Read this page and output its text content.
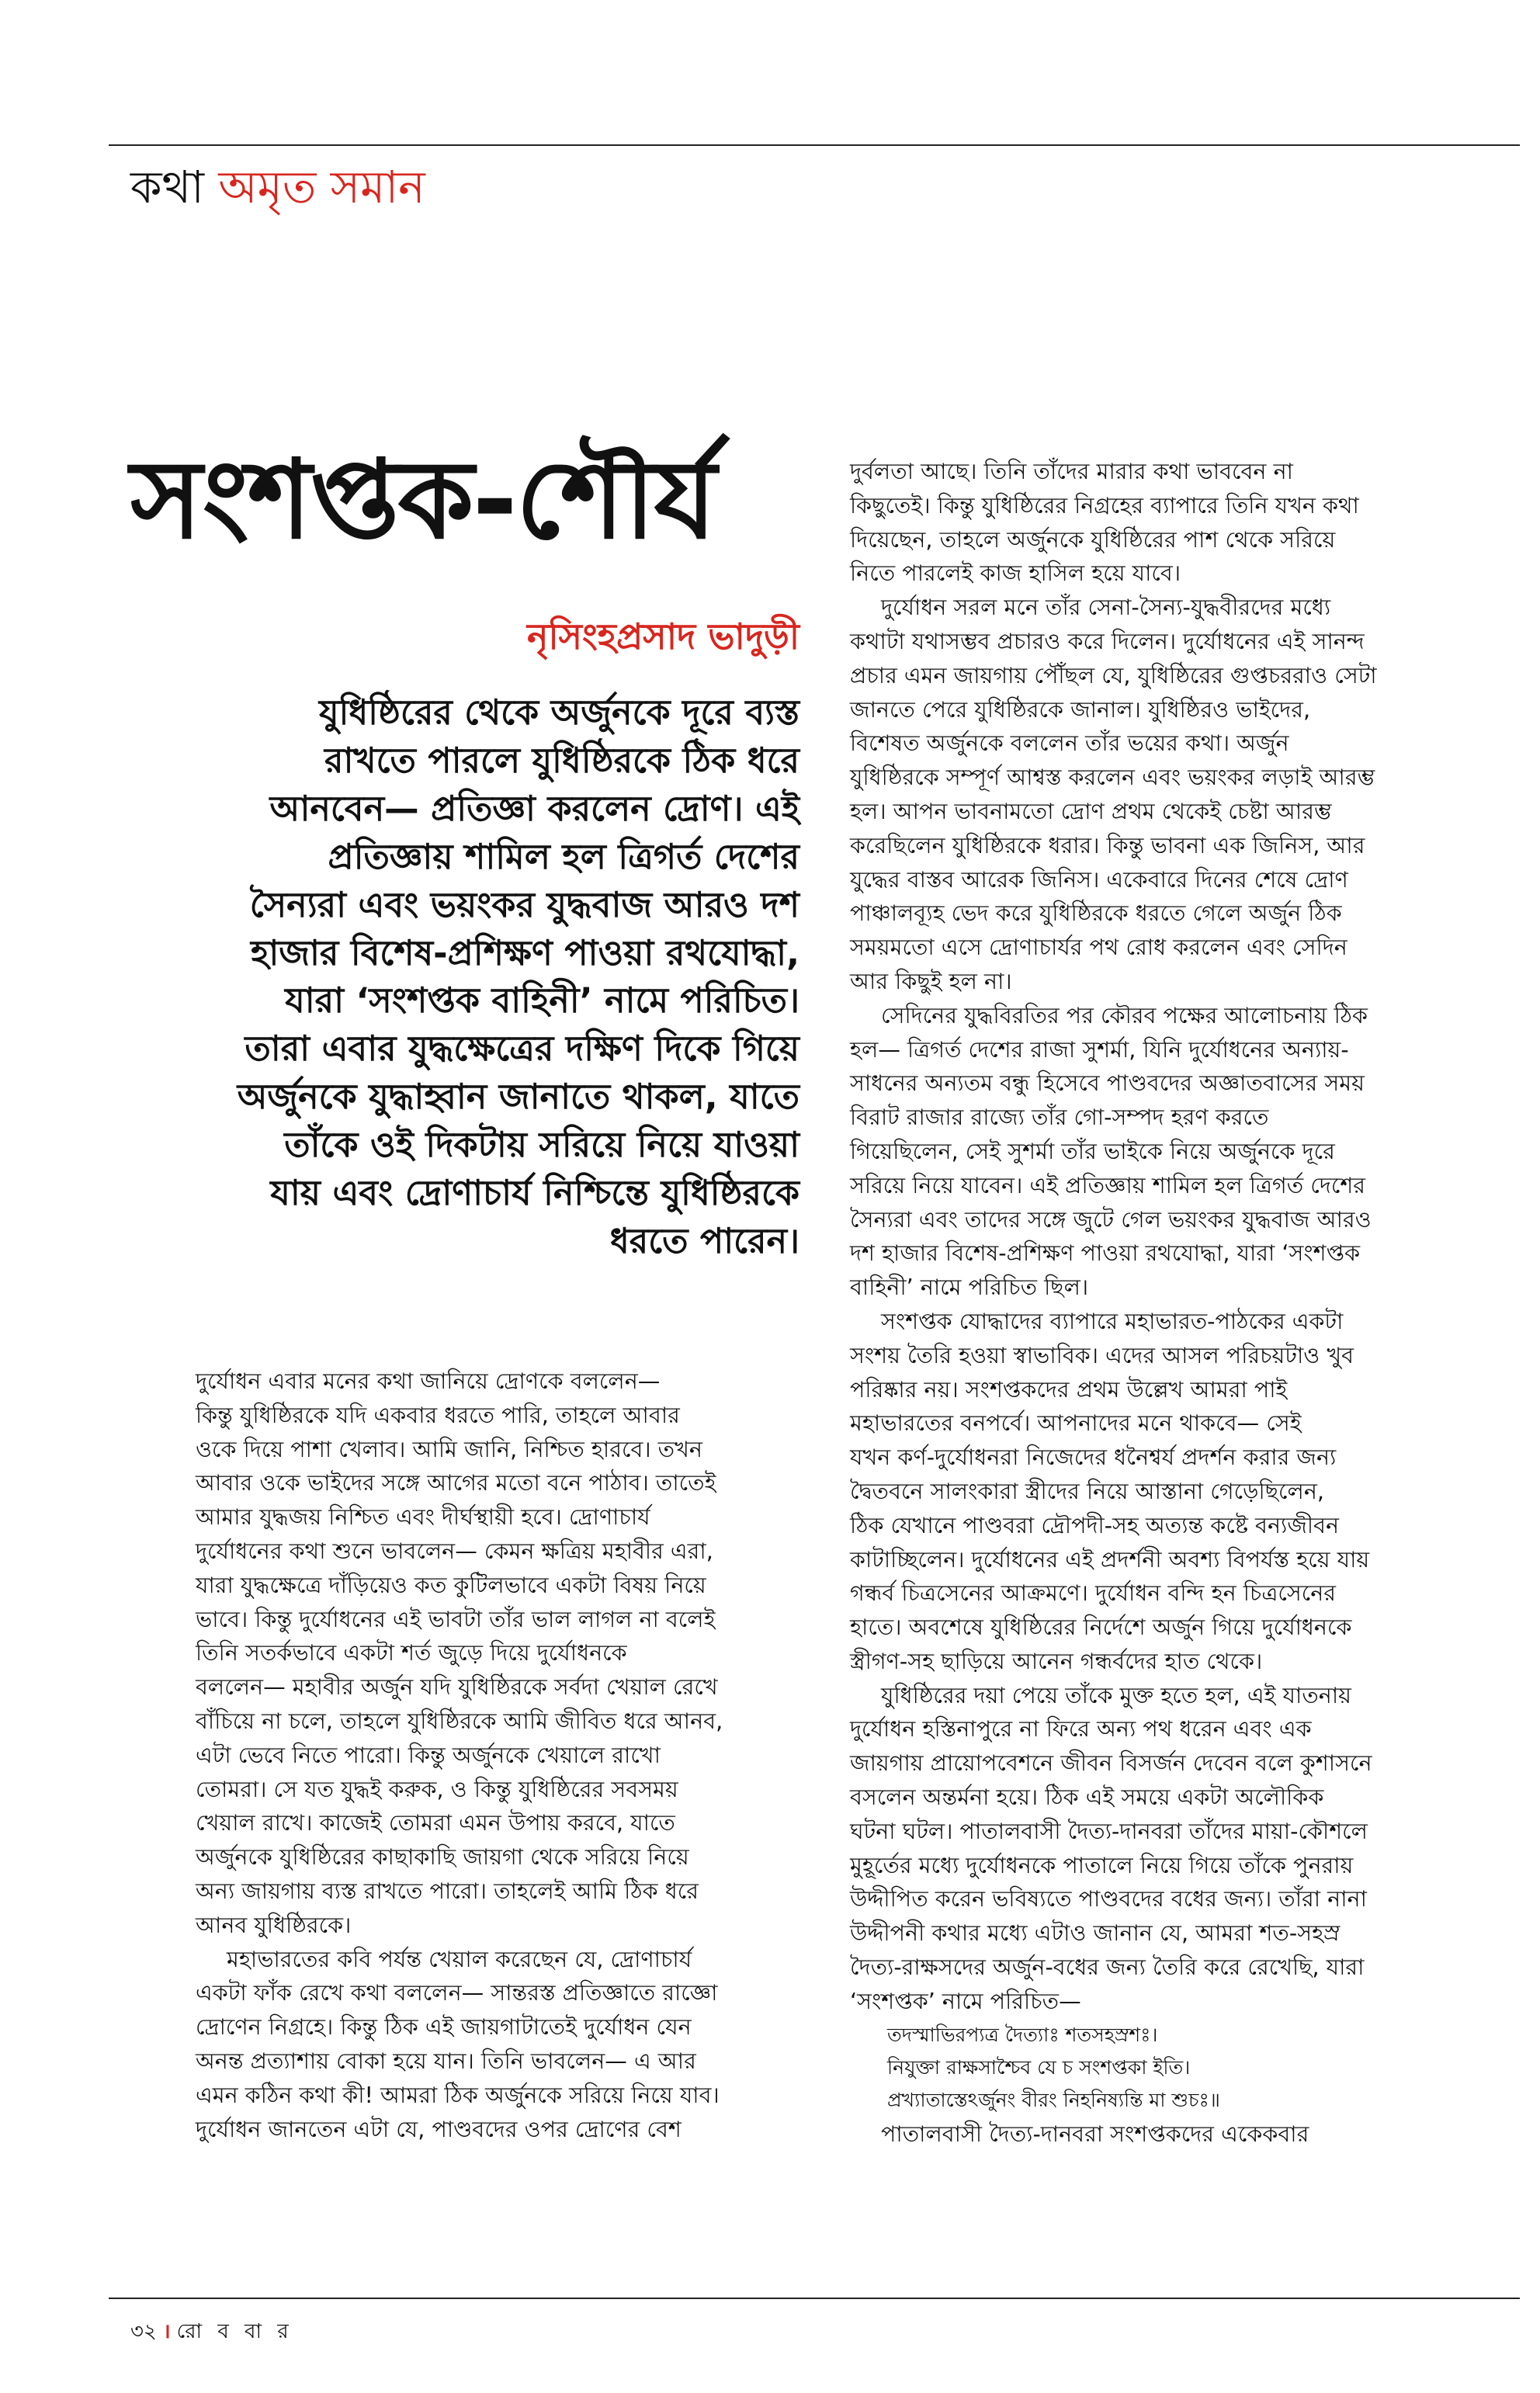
কথা অমৃত সমান
সংশপ্তক-শৌর্য
নৃসিংহপ্রসাদ ভাদুড়ী
যুধিষ্ঠিরের থেকে অর্জুনকে দূরে ব্যস্ত
রাখতে পারলে যুধিষ্ঠিরকে ঠিক ধরে
আনবেন— প্রতিজ্ঞা করলেন দ্রোণ। এই
প্রতিজ্ঞায় শামিল হল ত্রিগর্ত দেশের
সৈন্যরা এবং ভয়ংকর যুদ্ধবাজ আরও দশ
হাজার বিশেষ-প্রশিক্ষণ পাওয়া রথযোদ্ধা,
যারা ‘সংশপ্তক বাহিনী’ নামে পরিচিত।
তারা এবার যুদ্ধক্ষেত্রের দক্ষিণ দিকে গিয়ে
অর্জুনকে যুদ্ধাহ্বান জানাতে থাকল, যাতে
তাঁকে ওই দিকটায় সরিয়ে নিয়ে যাওয়া
যায় এবং দ্রোণাচার্য নিশ্চিন্তে যুধিষ্ঠিরকে
ধরতে পারেন।
দুর্যোধন এবার মনের কথা জানিয়ে দ্রোণকে বললেন—
কিন্তু যুধিষ্ঠিরকে যদি একবার ধরতে পারি, তাহলে আবার
ওকে দিয়ে পাশা খেলাব। আমি জানি, নিশ্চিত হারবে। তখন
আবার ওকে ভাইদের সঙ্গে আগের মতো বনে পাঠাব। তাতেই
আমার যুদ্ধজয় নিশ্চিত এবং দীর্ঘস্থায়ী হবে। দ্রোণাচার্য
দুর্যোধনের কথা শুনে ভাবলেন— কেমন ক্ষত্রিয় মহাবীর এরা,
যারা যুদ্ধক্ষেত্রে দাঁড়িয়েও কত কুটিলভাবে একটা বিষয় নিয়ে
ভাবে। কিন্তু দুর্যোধনের এই ভাবটা তাঁর ভাল লাগল না বলেই
তিনি সতর্কভাবে একটা শর্ত জুড়ে দিয়ে দুর্যোধনকে
বললেন— মহাবীর অর্জুন যদি যুধিষ্ঠিরকে সর্বদা খেয়াল রেখে
বাঁচিয়ে না চলে, তাহলে যুধিষ্ঠিরকে আমি জীবিত ধরে আনব,
এটা ভেবে নিতে পারো। কিন্তু অর্জুনকে খেয়ালে রাখো
তোমরা। সে যত যুদ্ধই করুক, ও কিন্তু যুধিষ্ঠিরের সবসময়
খেয়াল রাখে। কাজেই তোমরা এমন উপায় করবে, যাতে
অর্জুনকে যুধিষ্ঠিরের কাছাকাছি জায়গা থেকে সরিয়ে নিয়ে
অন্য জায়গায় ব্যস্ত রাখতে পারো। তাহলেই আমি ঠিক ধরে
আনব যুধিষ্ঠিরকে।
মহাভারতের কবি পর্যন্ত খেয়াল করেছেন যে, দ্রোণাচার্য
একটা ফাঁক রেখে কথা বললেন— সান্তরস্ত প্রতিজ্ঞাতে রাজ্ঞো
দ্রোণেন নিগ্রহে। কিন্তু ঠিক এই জায়গাটাতেই দুর্যোধন যেন
অনন্ত প্রত্যাশায় বোকা হয়ে যান। তিনি ভাবলেন— এ আর
এমন কঠিন কথা কী! আমরা ঠিক অর্জুনকে সরিয়ে নিয়ে যাব।
দুর্যোধন জানতেন এটা যে, পাণ্ডবদের ওপর দ্রোণের বেশ
দুর্বলতা আছে। তিনি তাঁদের মারার কথা ভাববেন না
কিছুতেই। কিন্তু যুধিষ্ঠিরের নিগ্রহের ব্যাপারে তিনি যখন কথা
দিয়েছেন, তাহলে অর্জুনকে যুধিষ্ঠিরের পাশ থেকে সরিয়ে
নিতে পারলেই কাজ হাসিল হয়ে যাবে।
দুর্যোধন সরল মনে তাঁর সেনা-সৈন্য-যুদ্ধবীরদের মধ্যে
কথাটা যথাসম্ভব প্রচারও করে দিলেন। দুর্যোধনের এই সানন্দ
প্রচার এমন জায়গায় পৌঁছল যে, যুধিষ্ঠিরের গুপ্তচররাও সেটা
জানতে পেরে যুধিষ্ঠিরকে জানাল। যুধিষ্ঠিরও ভাইদের,
বিশেষত অর্জুনকে বললেন তাঁর ভয়ের কথা। অর্জুন
যুধিষ্ঠিরকে সম্পূর্ণ আশ্বস্ত করলেন এবং ভয়ংকর লড়াই আরম্ভ
হল। আপন ভাবনামতো দ্রোণ প্রথম থেকেই চেষ্টা আরম্ভ
করেছিলেন যুধিষ্ঠিরকে ধরার। কিন্তু ভাবনা এক জিনিস, আর
যুদ্ধের বাস্তব আরেক জিনিস। একেবারে দিনের শেষে দ্রোণ
পাঞ্চালব্যূহ ভেদ করে যুধিষ্ঠিরকে ধরতে গেলে অর্জুন ঠিক
সময়মতো এসে দ্রোণাচার্যর পথ রোধ করলেন এবং সেদিন
আর কিছুই হল না।
সেদিনের যুদ্ধবিরতির পর কৌরব পক্ষের আলোচনায় ঠিক
হল— ত্রিগর্ত দেশের রাজা সুশর্মা, যিনি দুর্যোধনের অন্যায়-
সাধনের অন্যতম বন্ধু হিসেবে পাণ্ডবদের অজ্ঞাতবাসের সময়
বিরাট রাজার রাজ্যে তাঁর গো-সম্পদ হরণ করতে
গিয়েছিলেন, সেই সুশর্মা তাঁর ভাইকে নিয়ে অর্জুনকে দূরে
সরিয়ে নিয়ে যাবেন। এই প্রতিজ্ঞায় শামিল হল ত্রিগর্ত দেশের
সৈন্যরা এবং তাদের সঙ্গে জুটে গেল ভয়ংকর যুদ্ধবাজ আরও
দশ হাজার বিশেষ-প্রশিক্ষণ পাওয়া রথযোদ্ধা, যারা ‘সংশপ্তক
বাহিনী’ নামে পরিচিত ছিল।
সংশপ্তক যোদ্ধাদের ব্যাপারে মহাভারত-পাঠকের একটা
সংশয় তৈরি হওয়া স্বাভাবিক। এদের আসল পরিচয়টাও খুব
পরিষ্কার নয়। সংশপ্তকদের প্রথম উল্লেখ আমরা পাই
মহাভারতের বনপর্বে। আপনাদের মনে থাকবে— সেই
যখন কর্ণ-দুর্যোধনরা নিজেদের ধনৈশ্বর্য প্রদর্শন করার জন্য
দ্বৈতবনে সালংকারা স্ত্রীদের নিয়ে আস্তানা গেড়েছিলেন,
ঠিক যেখানে পাণ্ডবরা দ্রৌপদী-সহ অত্যন্ত কষ্টে বন্যজীবন
কাটাচ্ছিলেন। দুর্যোধনের এই প্রদর্শনী অবশ্য বিপর্যস্ত হয়ে যায়
গন্ধর্ব চিত্রসেনের আক্রমণে। দুর্যোধন বন্দি হন চিত্রসেনের
হাতে। অবশেষে যুধিষ্ঠিরের নির্দেশে অর্জুন গিয়ে দুর্যোধনকে
স্ত্রীগণ-সহ ছাড়িয়ে আনেন গন্ধর্বদের হাত থেকে।
যুধিষ্ঠিরের দয়া পেয়ে তাঁকে মুক্ত হতে হল, এই যাতনায়
দুর্যোধন হস্তিনাপুরে না ফিরে অন্য পথ ধরেন এবং এক
জায়গায় প্রায়োপবেশনে জীবন বিসর্জন দেবেন বলে কুশাসনে
বসলেন অন্তর্মনা হয়ে। ঠিক এই সময়ে একটা অলৌকিক
ঘটনা ঘটল। পাতালবাসী দৈত্য-দানবরা তাঁদের মায়া-কৌশলে
মুহূর্তের মধ্যে দুর্যোধনকে পাতালে নিয়ে গিয়ে তাঁকে পুনরায়
উদ্দীপিত করেন ভবিষ্যতে পাণ্ডবদের বধের জন্য। তাঁরা নানা
উদ্দীপনী কথার মধ্যে এটাও জানান যে, আমরা শত-সহস্র
দৈত্য-রাক্ষসদের অর্জুন-বধের জন্য তৈরি করে রেখেছি, যারা
‘সংশপ্তক’ নামে পরিচিত—
তদস্মাভিরপ্যত্র দৈত্যাঃ শতসহস্রশঃ।
নিযুক্তা রাক্ষসাশ্চৈব যে চ সংশপ্তকা ইতি।
প্রখ্যাতাস্তেঽর্জুনং বীরং নিহনিষ্যন্তি মা শুচঃ॥
পাতালবাসী দৈত্য-দানবরা সংশপ্তকদের একেকবার
৩২ । রো ব বা র
